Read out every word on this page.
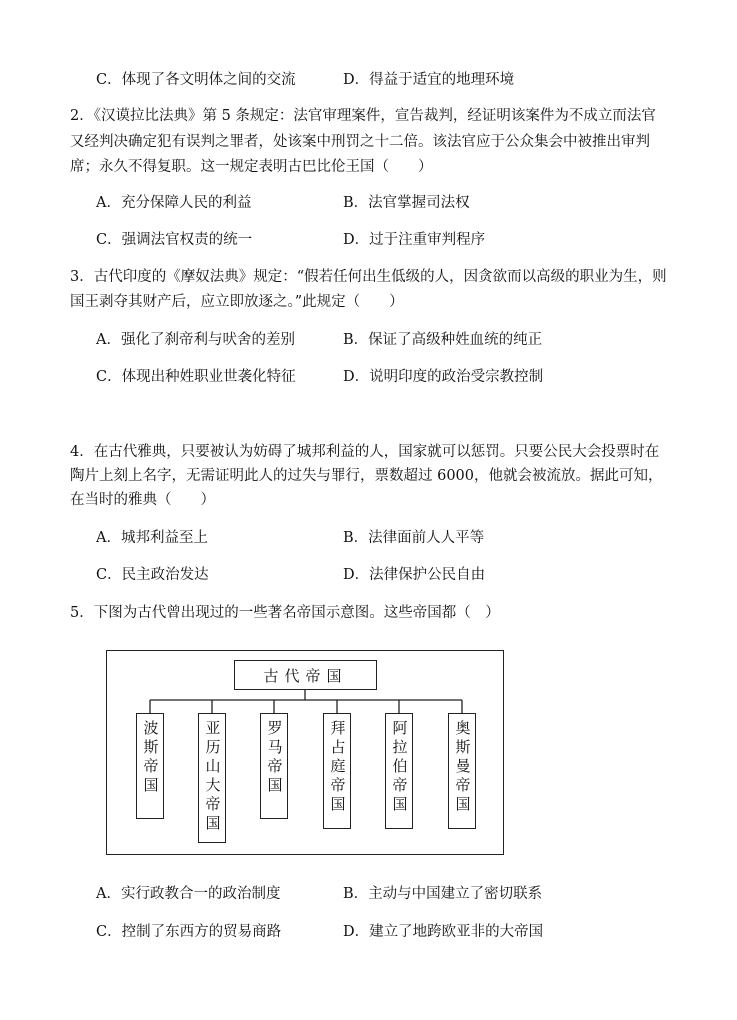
C．体现了各文明体之间的交流	D．得益于适宜的地理环境
2．《汉谟拉比法典》第 5 条规定：法官审理案件，宣告裁判，经证明该案件为不成立而法官
又经判决确定犯有误判之罪者，处该案中刑罚之十二倍。该法官应于公众集会中被推出审判
席；永久不得复职。这一规定表明古巴比伦王国（　　）
A．充分保障人民的利益	B．法官掌握司法权
C．强调法官权责的统一	D．过于注重审判程序
3．古代印度的《摩奴法典》规定：“假若任何出生低级的人，因贪欲而以高级的职业为生，则
国王剥夺其财产后，应立即放逐之。”此规定（　　）
A．强化了刹帝利与吠舍的差别	B．保证了高级种姓血统的纯正
C．体现出种姓职业世袭化特征	D．说明印度的政治受宗教控制
4．在古代雅典，只要被认为妨碍了城邦利益的人，国家就可以惩罚。只要公民大会投票时在
陶片上刻上名字，无需证明此人的过失与罪行，票数超过 6000，他就会被流放。据此可知，
在当时的雅典（　　）
A．城邦利益至上	B．法律面前人人平等
C．民主政治发达	D．法律保护公民自由
5．下图为古代曾出现过的一些著名帝国示意图。这些帝国都（　）
古代帝国
波斯帝国	亚历山大帝国	罗马帝国	拜占庭帝国	阿拉伯帝国	奥斯曼帝国
A．实行政教合一的政治制度	B．主动与中国建立了密切联系
C．控制了东西方的贸易商路	D．建立了地跨欧亚非的大帝国
